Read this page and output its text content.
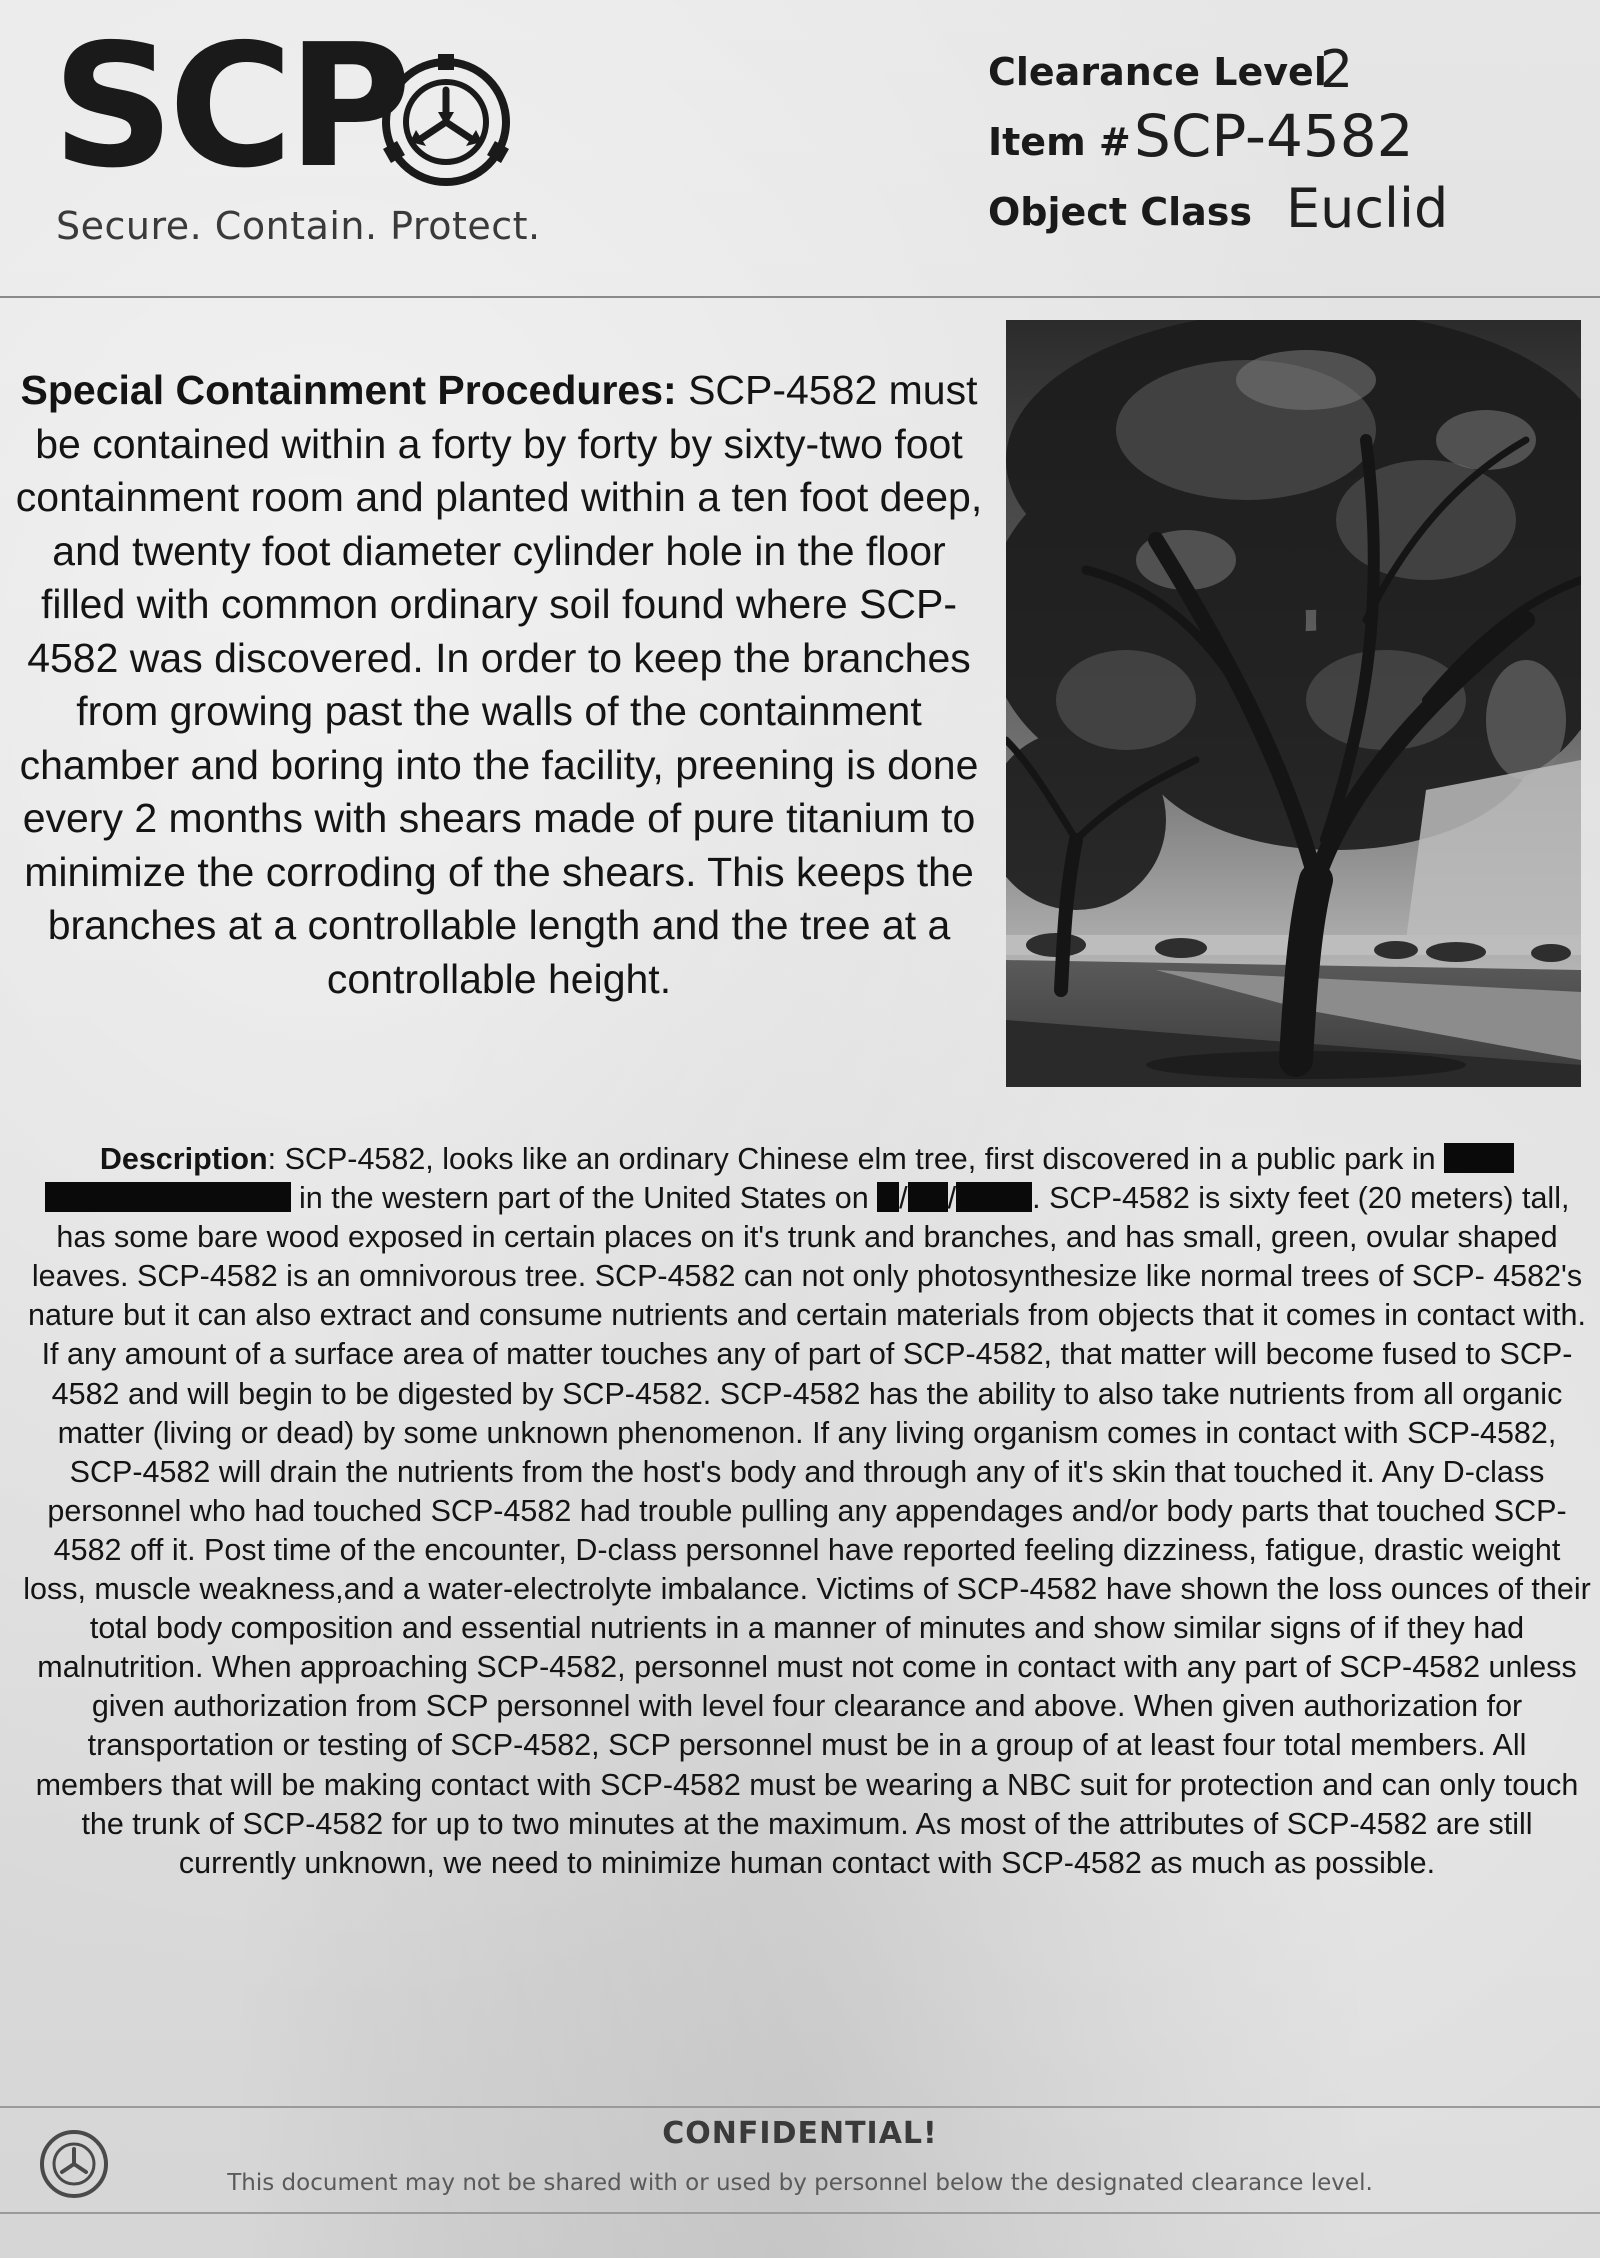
SCP
Secure. Contain. Protect.
Clearance Level
2
Item # SCP-4582
Object Class Euclid
Special Containment Procedures: SCP-4582 must be contained within a forty by forty by sixty-two foot containment room and planted within a ten foot deep, and twenty foot diameter cylinder hole in the floor filled with common ordinary soil found where SCP-4582 was discovered. In order to keep the branches from growing past the walls of the containment chamber and boring into the facility, preening is done every 2 months with shears made of pure titanium to minimize the corroding of the shears. This keeps the branches at a controllable length and the tree at a controllable height.
Description: SCP-4582, looks like an ordinary Chinese elm tree, first discovered in a public park in   in the western part of the United States on / / . SCP-4582 is sixty feet (20 meters) tall, has some bare wood exposed in certain places on it's trunk and branches, and has small, green, ovular shaped leaves. SCP-4582 is an omnivorous tree. SCP-4582 can not only photosynthesize like normal trees of SCP- 4582's nature but it can also extract and consume nutrients and certain materials from objects that it comes in contact with. If any amount of a surface area of matter touches any of part of SCP-4582, that matter will become fused to SCP-4582 and will begin to be digested by SCP-4582. SCP-4582 has the ability to also take nutrients from all organic matter (living or dead) by some unknown phenomenon. If any living organism comes in contact with SCP-4582, SCP-4582 will drain the nutrients from the host's body and through any of it's skin that touched it. Any D-class personnel who had touched SCP-4582 had trouble pulling any appendages and/or body parts that touched SCP-4582 off it. Post time of the encounter, D-class personnel have reported feeling dizziness, fatigue, drastic weight loss, muscle weakness,and a water-electrolyte imbalance. Victims of SCP-4582 have shown the loss ounces of their total body composition and essential nutrients in a manner of minutes and show similar signs of if they had malnutrition. When approaching SCP-4582, personnel must not come in contact with any part of SCP-4582 unless given authorization from SCP personnel with level four clearance and above. When given authorization for transportation or testing of SCP-4582, SCP personnel must be in a group of at least four total members. All members that will be making contact with SCP-4582 must be wearing a NBC suit for protection and can only touch the trunk of SCP-4582 for up to two minutes at the maximum. As most of the attributes of SCP-4582 are still currently unknown, we need to minimize human contact with SCP-4582 as much as possible.
CONFIDENTIAL!
This document may not be shared with or used by personnel below the designated clearance level.
